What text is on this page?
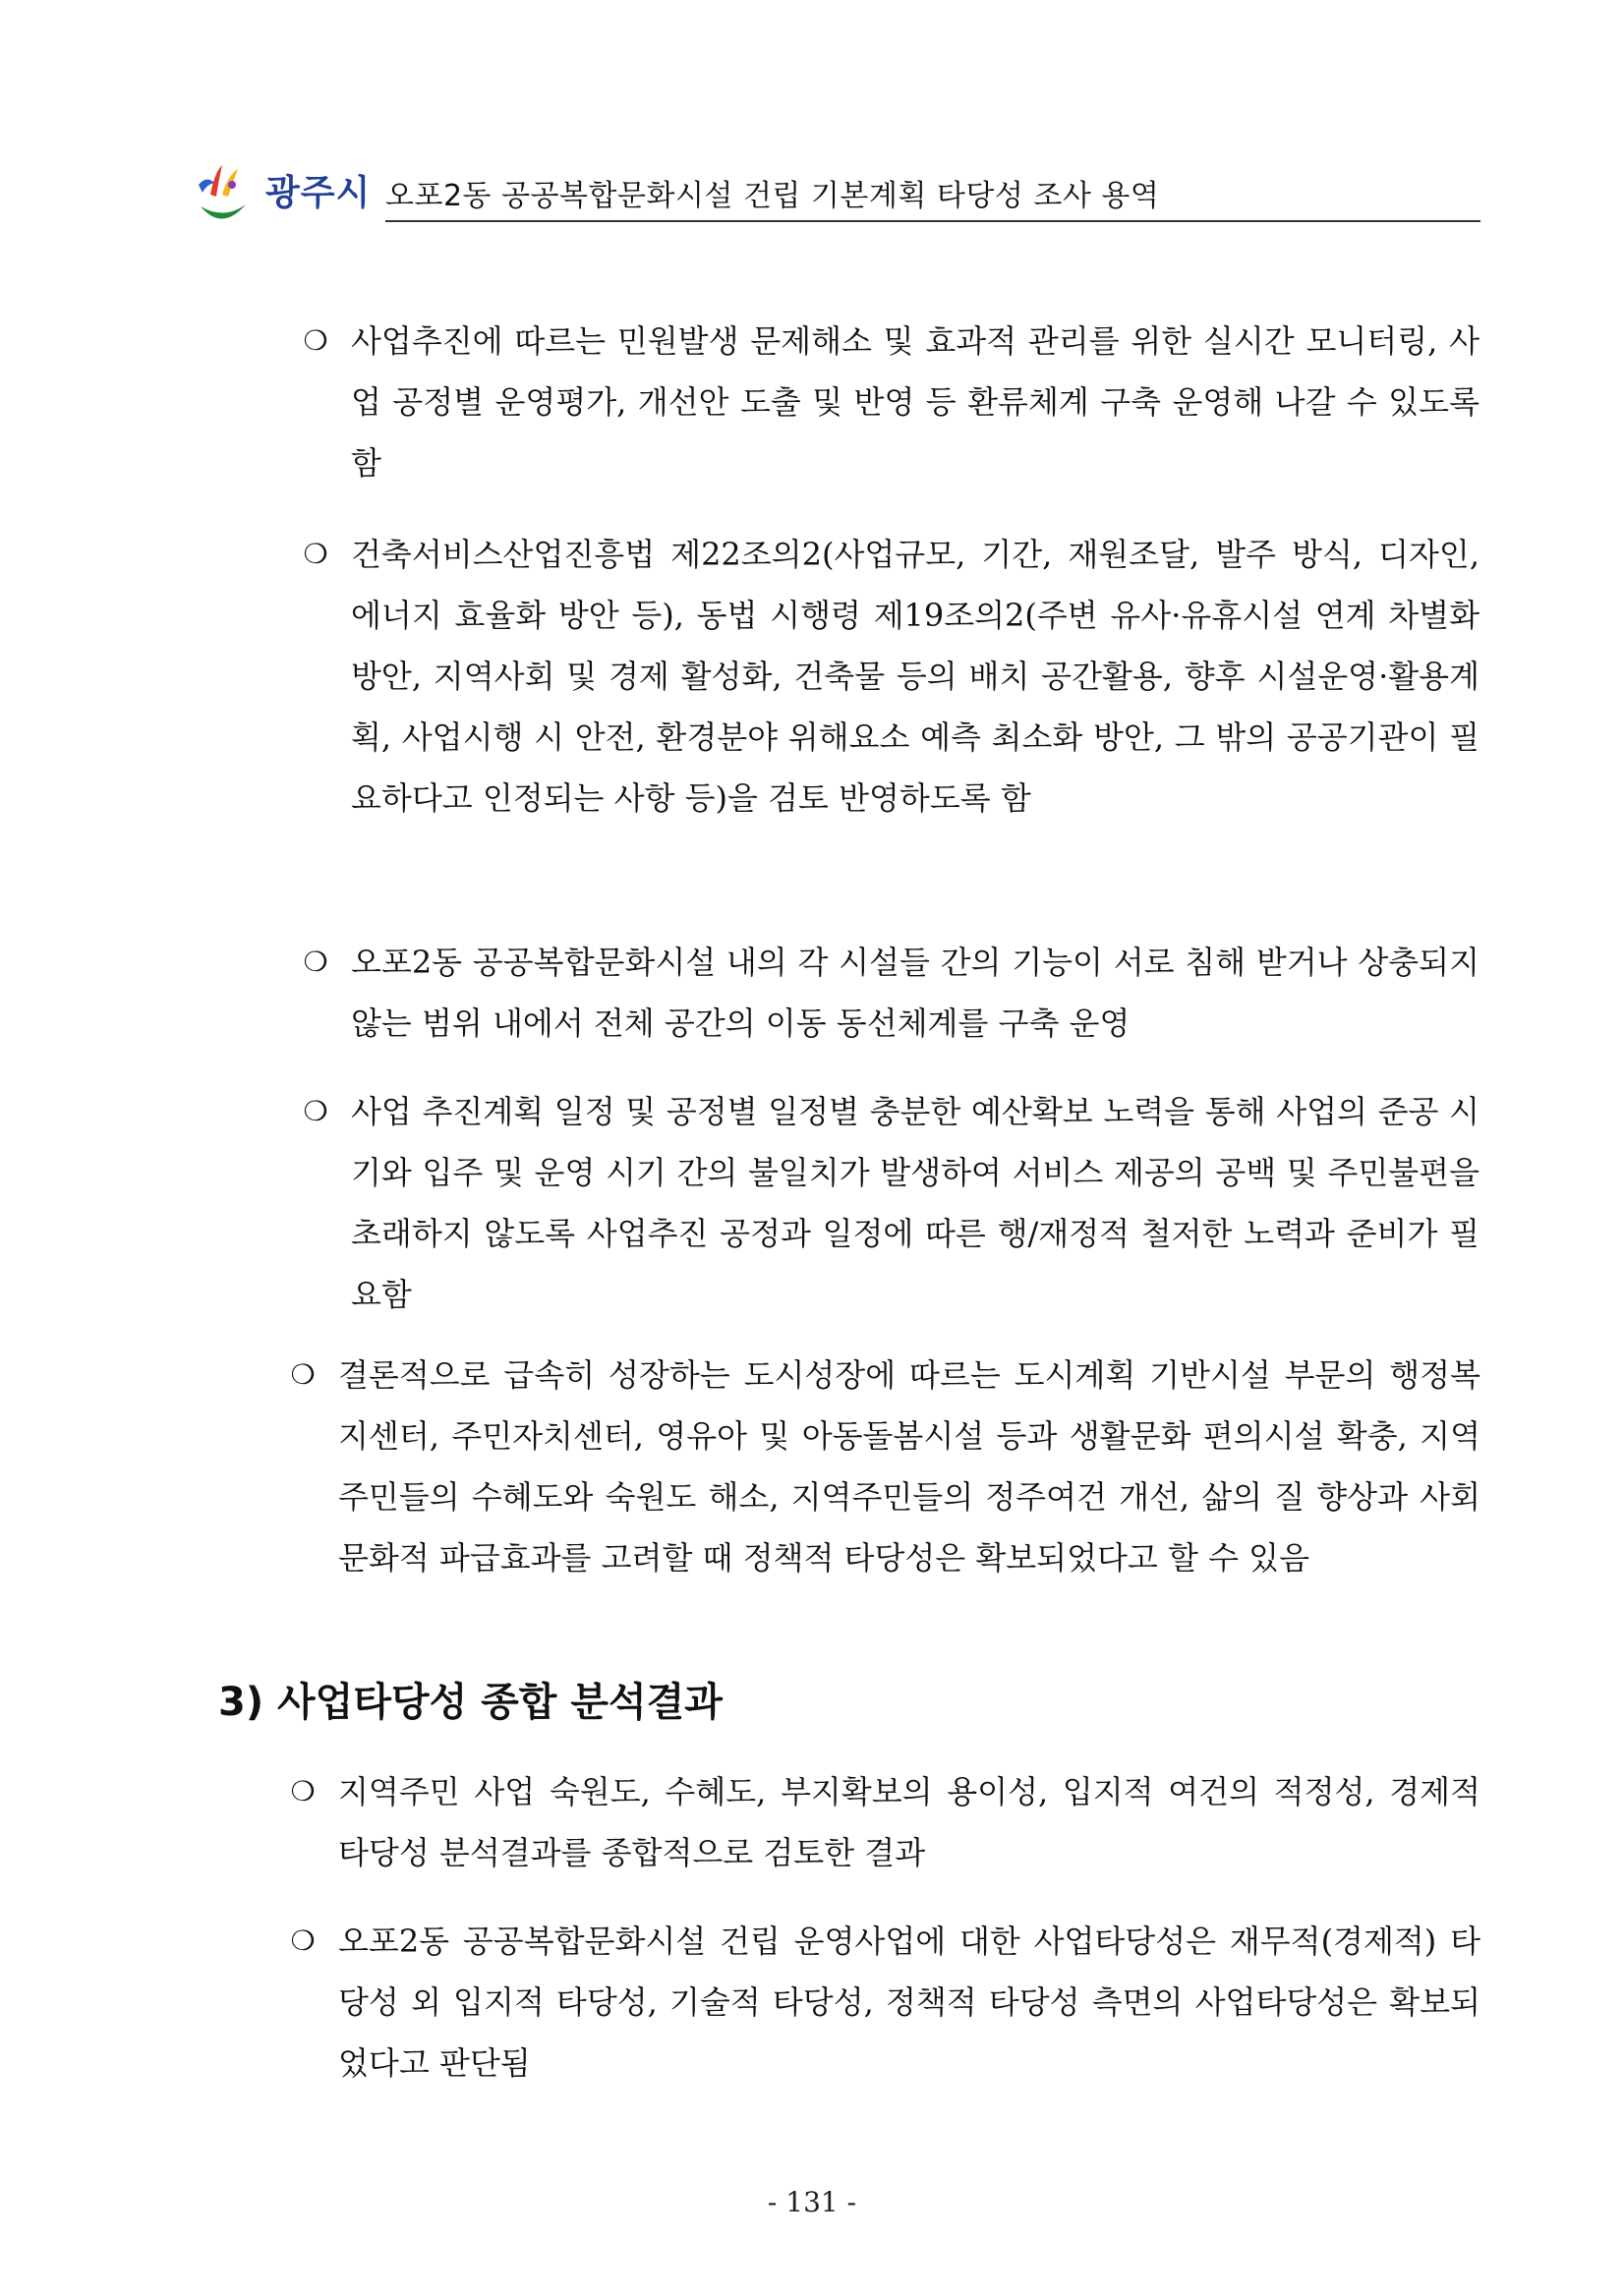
광주시 오포2동 공공복합문화시설 건립 기본계획 타당성 조사 용역
❍ 사업추진에 따르는 민원발생 문제해소 및 효과적 관리를 위한 실시간 모니터링, 사업 공정별 운영평가, 개선안 도출 및 반영 등 환류체계 구축 운영해 나갈 수 있도록 함
❍ 건축서비스산업진흥법 제22조의2(사업규모, 기간, 재원조달, 발주 방식, 디자인, 에너지 효율화 방안 등), 동법 시행령 제19조의2(주변 유사·유휴시설 연계 차별화 방안, 지역사회 및 경제 활성화, 건축물 등의 배치 공간활용, 향후 시설운영·활용계획, 사업시행 시 안전, 환경분야 위해요소 예측 최소화 방안, 그 밖의 공공기관이 필요하다고 인정되는 사항 등)을 검토 반영하도록 함
❍ 오포2동 공공복합문화시설 내의 각 시설들 간의 기능이 서로 침해 받거나 상충되지 않는 범위 내에서 전체 공간의 이동 동선체계를 구축 운영
❍ 사업 추진계획 일정 및 공정별 일정별 충분한 예산확보 노력을 통해 사업의 준공 시기와 입주 및 운영 시기 간의 불일치가 발생하여 서비스 제공의 공백 및 주민불편을 초래하지 않도록 사업추진 공정과 일정에 따른 행/재정적 철저한 노력과 준비가 필요함
❍ 결론적으로 급속히 성장하는 도시성장에 따르는 도시계획 기반시설 부문의 행정복지센터, 주민자치센터, 영유아 및 아동돌봄시설 등과 생활문화 편의시설 확충, 지역주민들의 수혜도와 숙원도 해소, 지역주민들의 정주여건 개선, 삶의 질 향상과 사회문화적 파급효과를 고려할 때 정책적 타당성은 확보되었다고 할 수 있음
3) 사업타당성 종합 분석결과
❍ 지역주민 사업 숙원도, 수혜도, 부지확보의 용이성, 입지적 여건의 적정성, 경제적 타당성 분석결과를 종합적으로 검토한 결과
❍ 오포2동 공공복합문화시설 건립 운영사업에 대한 사업타당성은 재무적(경제적) 타당성 외 입지적 타당성, 기술적 타당성, 정책적 타당성 측면의 사업타당성은 확보되었다고 판단됨
- 131 -
